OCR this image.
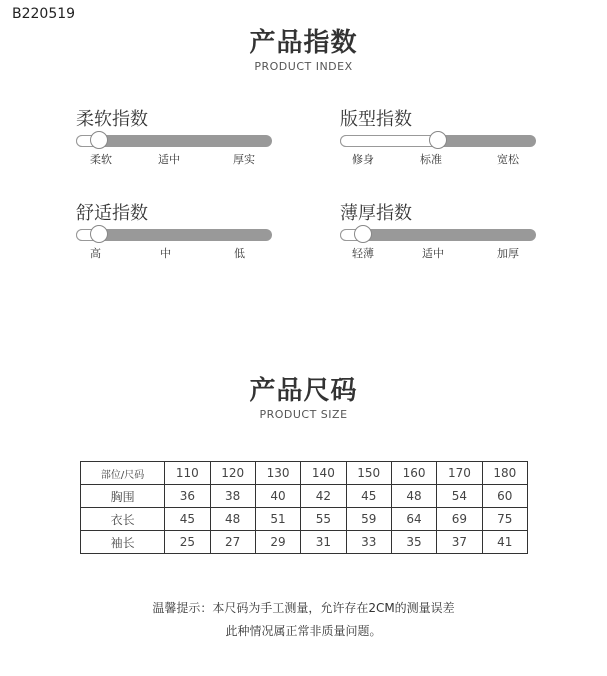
B220519
产品指数
PRODUCT INDEX
柔软指数
柔软	适中	厚实
版型指数
修身	标准	宽松
舒适指数
高	中	低
薄厚指数
轻薄	适中	加厚
产品尺码
PRODUCT SIZE
部位/尺码	110	120	130	140	150	160	170	180
胸围	36	38	40	42	45	48	54	60
衣长	45	48	51	55	59	64	69	75
袖长	25	27	29	31	33	35	37	41
温馨提示：本尺码为手工测量，允许存在2CM的测量误差
此种情况属正常非质量问题。
